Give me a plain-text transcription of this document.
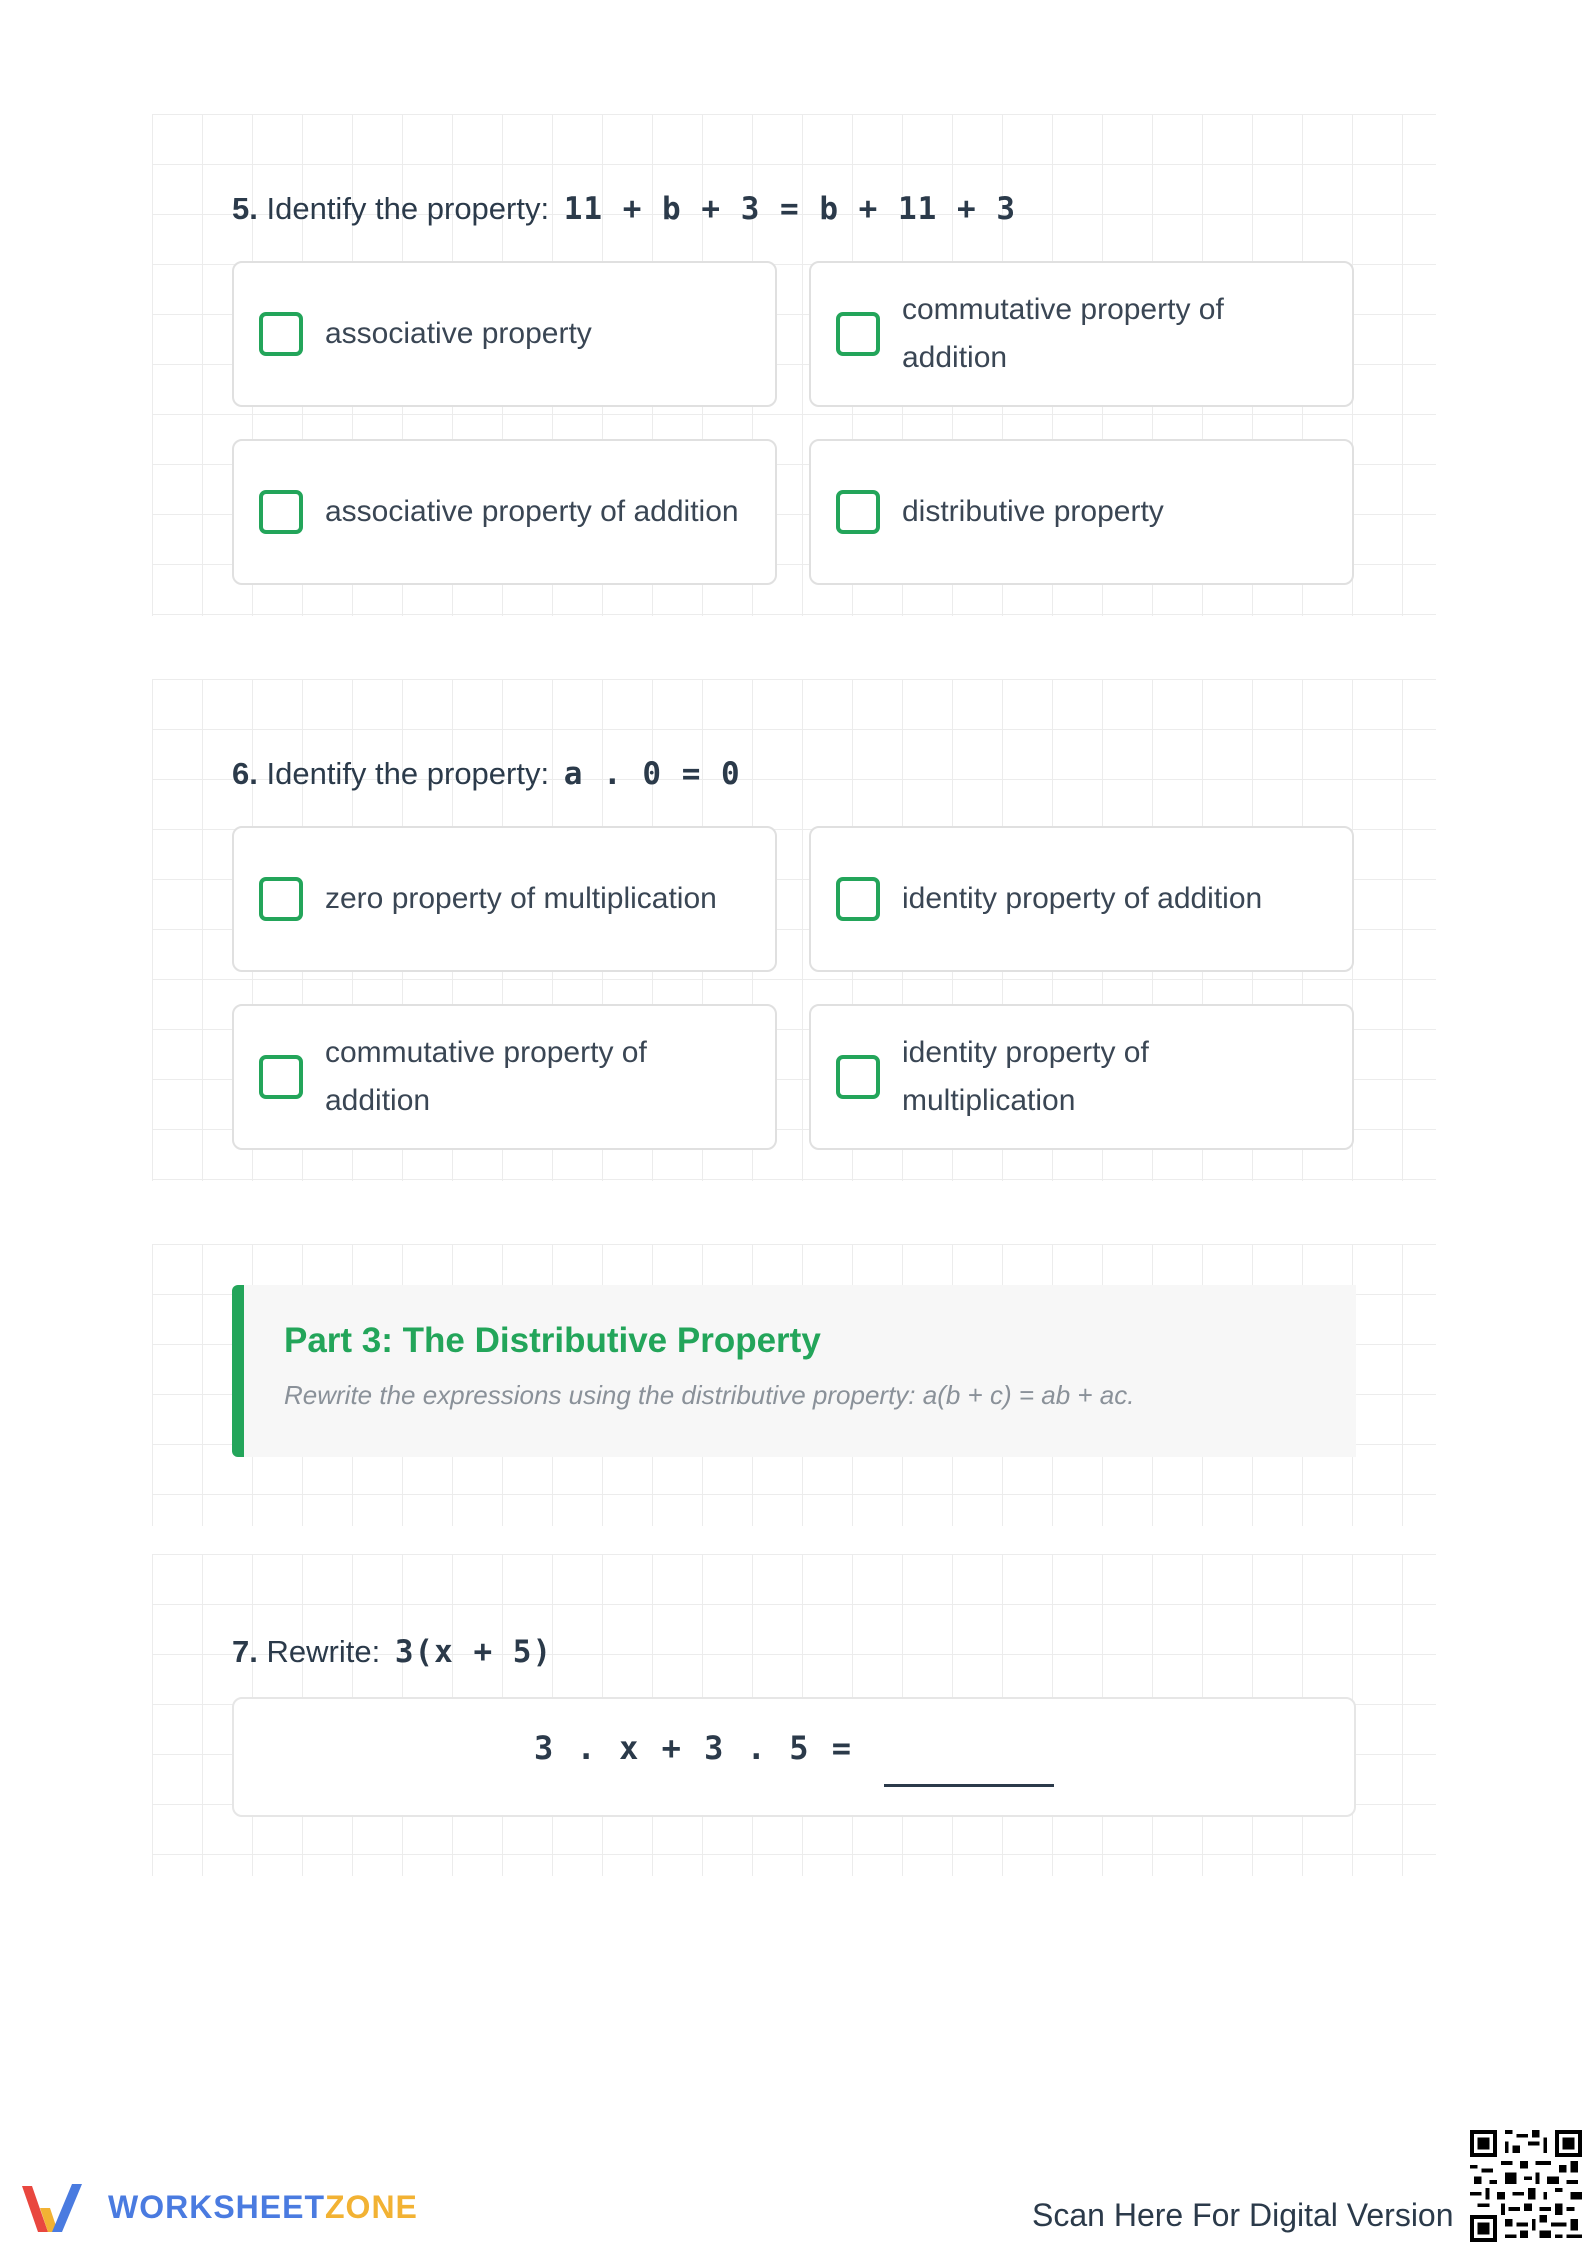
5. Identify the property: 11 + b + 3 = b + 11 + 3
associative property
commutative property of addition
associative property of addition	distributive property
6. Identify the property: a . 0 = 0
zero property of multiplication	identity property of addition
commutative property of addition
identity property of multiplication
Part 3: The Distributive Property
Rewrite the expressions using the distributive property: a(b + c) = ab + ac.
7. Rewrite: 3(x + 5)
3 . x + 3 . 5 =
WORKSHEETZONE	Scan Here For Digital Version
